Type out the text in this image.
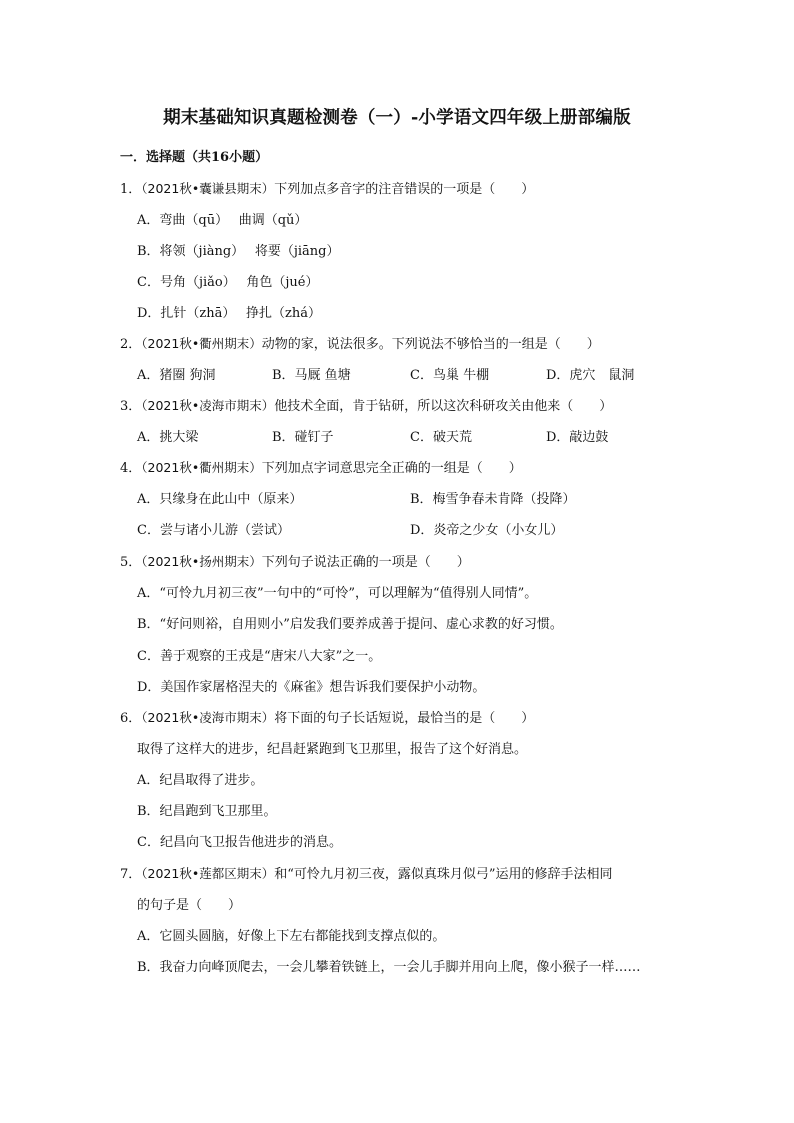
期末基础知识真题检测卷（一）-小学语文四年级上册部编版
一．选择题（共16小题）
1．（2021秋•囊谦县期末）下列加点多音字的注音错误的一项是（　　）
A．弯曲（qū）　 曲调（qǔ）
B．将领（jiàng）　 将要（jiāng）
C．号角（jiǎo）　 角色（jué）
D．扎针（zhā）　 挣扎（zhá）
2．（2021秋•衢州期末）动物的家，说法很多。下列说法不够恰当的一组是（　　）
A．猪圈 狗洞	B．马厩 鱼塘	C．鸟巢 牛棚	D．虎穴　鼠洞
3．（2021秋•凌海市期末）他技术全面，肯于钻研，所以这次科研攻关由他来（　　）
A．挑大梁	B．碰钉子	C．破天荒	D．敲边鼓
4．（2021秋•衢州期末）下列加点字词意思完全正确的一组是（　　）
A．只缘身在此山中（原来）	B．梅雪争春未肯降（投降）
C．尝与诸小儿游（尝试）	D．炎帝之少女（小女儿）
5．（2021秋•扬州期末）下列句子说法正确的一项是（　　）
A．“可怜九月初三夜”一句中的“可怜”，可以理解为“值得别人同情”。
B．“好问则裕，自用则小”启发我们要养成善于提问、虚心求教的好习惯。
C．善于观察的王戎是“唐宋八大家”之一。
D．美国作家屠格涅夫的《麻雀》想告诉我们要保护小动物。
6．（2021秋•凌海市期末）将下面的句子长话短说，最恰当的是（　　）
取得了这样大的进步，纪昌赶紧跑到飞卫那里，报告了这个好消息。
A．纪昌取得了进步。
B．纪昌跑到飞卫那里。
C．纪昌向飞卫报告他进步的消息。
7．（2021秋•莲都区期末）和“可怜九月初三夜，露似真珠月似弓”运用的修辞手法相同
的句子是（　　）
A．它圆头圆脑，好像上下左右都能找到支撑点似的。
B．我奋力向峰顶爬去，一会儿攀着铁链上，一会儿手脚并用向上爬，像小猴子一样……
